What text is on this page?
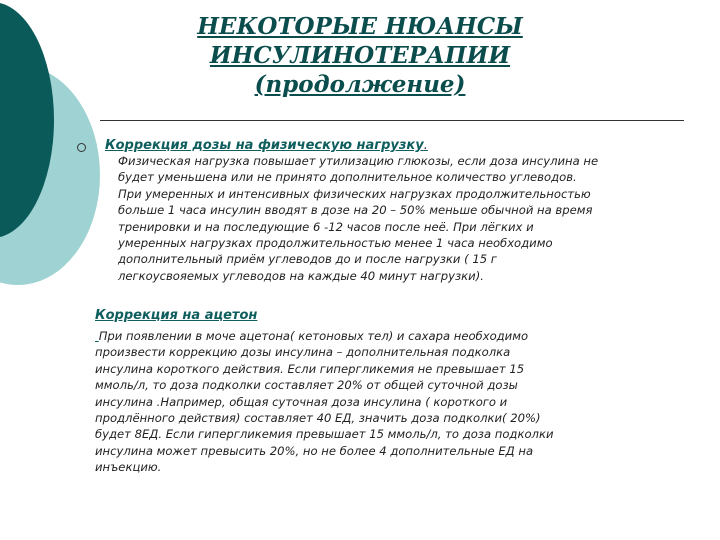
НЕКОТОРЫЕ НЮАНСЫ
ИНСУЛИНОТЕРАПИИ
(продолжение)
Коррекция дозы на физическую нагрузку.

Физическая нагрузка повышает утилизацию глюкозы, если доза инсулина не

будет уменьшена или не принято дополнительное количество углеводов.

При умеренных и интенсивных физических нагрузках продолжительностью

больше 1 часа инсулин вводят в дозе на 20 – 50% меньше обычной на время

тренировки и на последующие 6 -12 часов после неё. При лёгких и

умеренных нагрузках продолжительностью менее 1 часа необходимо

дополнительный приём углеводов до и после нагрузки ( 15 г

легкоусвояемых углеводов на каждые 40 минут нагрузки).

Коррекция на ацетон

При появлении в моче ацетона( кетоновых тел) и сахара необходимо

произвести коррекцию дозы инсулина – дополнительная подколка

инсулина короткого действия. Если гипергликемия не превышает 15

ммоль/л, то доза подколки составляет 20% от общей суточной дозы

инсулина .Например, общая суточная доза инсулина ( короткого и

продлённого действия) составляет 40 ЕД, значить доза подколки( 20%)

будет 8ЕД. Если гипергликемия превышает 15 ммоль/л, то доза подколки

инсулина может превысить 20%, но не более 4 дополнительные ЕД на

инъекцию.
